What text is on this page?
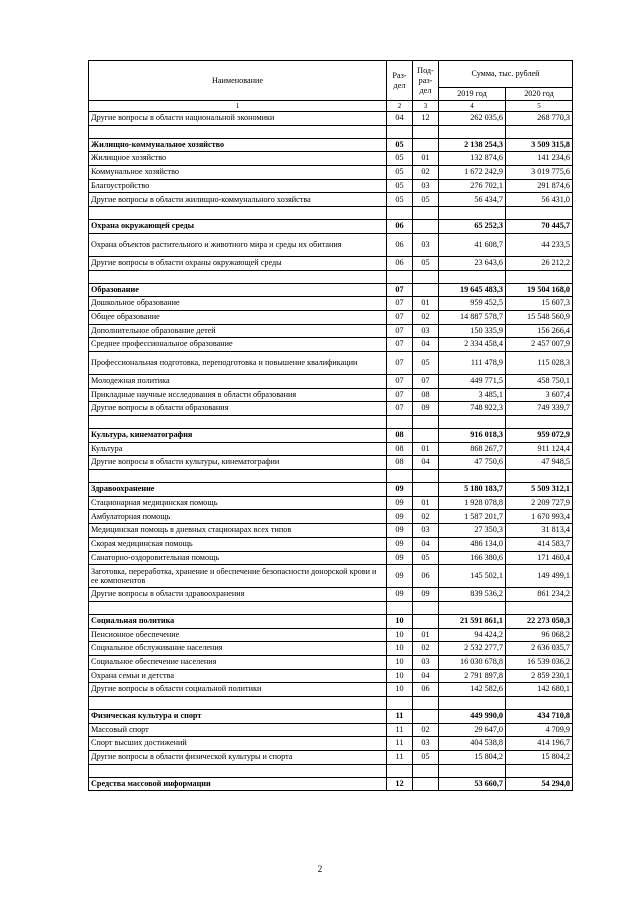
Наименование	Раз-дел	Под-раз-дел	Сумма, тыс. рублей	
			2019 год	2020 год
1	2	3	4	5
Другие вопросы в области национальной экономики	04	12	262 035,6	268 770,3

Жилищно-коммунальное хозяйство	05		2 138 254,3	3 509 315,8
Жилищное хозяйство	05	01	132 874,6	141 234,6
Коммунальное хозяйство	05	02	1 672 242,9	3 019 775,6
Благоустройство	05	03	276 702,1	291 874,6
Другие вопросы в области жилищно-коммунального хозяйства	05	05	56 434,7	56 431,0

Охрана окружающей среды	06		65 252,3	70 445,7
Охрана объектов растительного и животного мира и среды их обитания	06	03	41 608,7	44 233,5
Другие вопросы в области охраны окружающей среды	06	05	23 643,6	26 212,2

Образование	07		19 645 483,3	19 504 168,0
Дошкольное образование	07	01	959 452,5	15 607,3
Общее образование	07	02	14 887 578,7	15 548 560,9
Дополнительное образование детей	07	03	150 335,9	156 266,4
Среднее профессиональное образование	07	04	2 334 458,4	2 457 007,9
Профессиональная подготовка, переподготовка и повышение квалификации	07	05	111 478,9	115 028,3
Молодежная политика	07	07	449 771,5	458 750,1
Прикладные научные исследования в области образования	07	08	3 485,1	3 607,4
Другие вопросы в области образования	07	09	748 922,3	749 339,7

Культура, кинематография	08		916 018,3	959 072,9
Культура	08	01	868 267,7	911 124,4
Другие вопросы в области культуры, кинематографии	08	04	47 750,6	47 948,5

Здравоохранение	09		5 180 183,7	5 509 312,1
Стационарная медицинская помощь	09	01	1 928 078,8	2 209 727,9
Амбулаторная помощь	09	02	1 587 201,7	1 670 993,4
Медицинская помощь в дневных стационарах всех типов	09	03	27 350,3	31 813,4
Скорая медицинская помощь	09	04	486 134,0	414 583,7
Санаторно-оздоровительная помощь	09	05	166 380,6	171 460,4
Заготовка, переработка, хранение и обеспечение безопасности донорской крови и ее компонентов	09	06	145 502,1	149 499,1
Другие вопросы в области здравоохранения	09	09	839 536,2	861 234,2

Социальная политика	10		21 591 861,1	22 273 050,3
Пенсионное обеспечение	10	01	94 424,2	96 068,2
Социальное обслуживание населения	10	02	2 532 277,7	2 636 035,7
Социальное обеспечение населения	10	03	16 030 678,8	16 539 036,2
Охрана семьи и детства	10	04	2 791 897,8	2 859 230,1
Другие вопросы в области социальной политики	10	06	142 582,6	142 680,1

Физическая культура и спорт	11		449 990,0	434 710,8
Массовый спорт	11	02	29 647,0	4 709,9
Спорт высших достижений	11	03	404 538,8	414 196,7
Другие вопросы в области физической культуры и спорта	11	05	15 804,2	15 804,2

Средства массовой информации	12		53 660,7	54 294,0
2
